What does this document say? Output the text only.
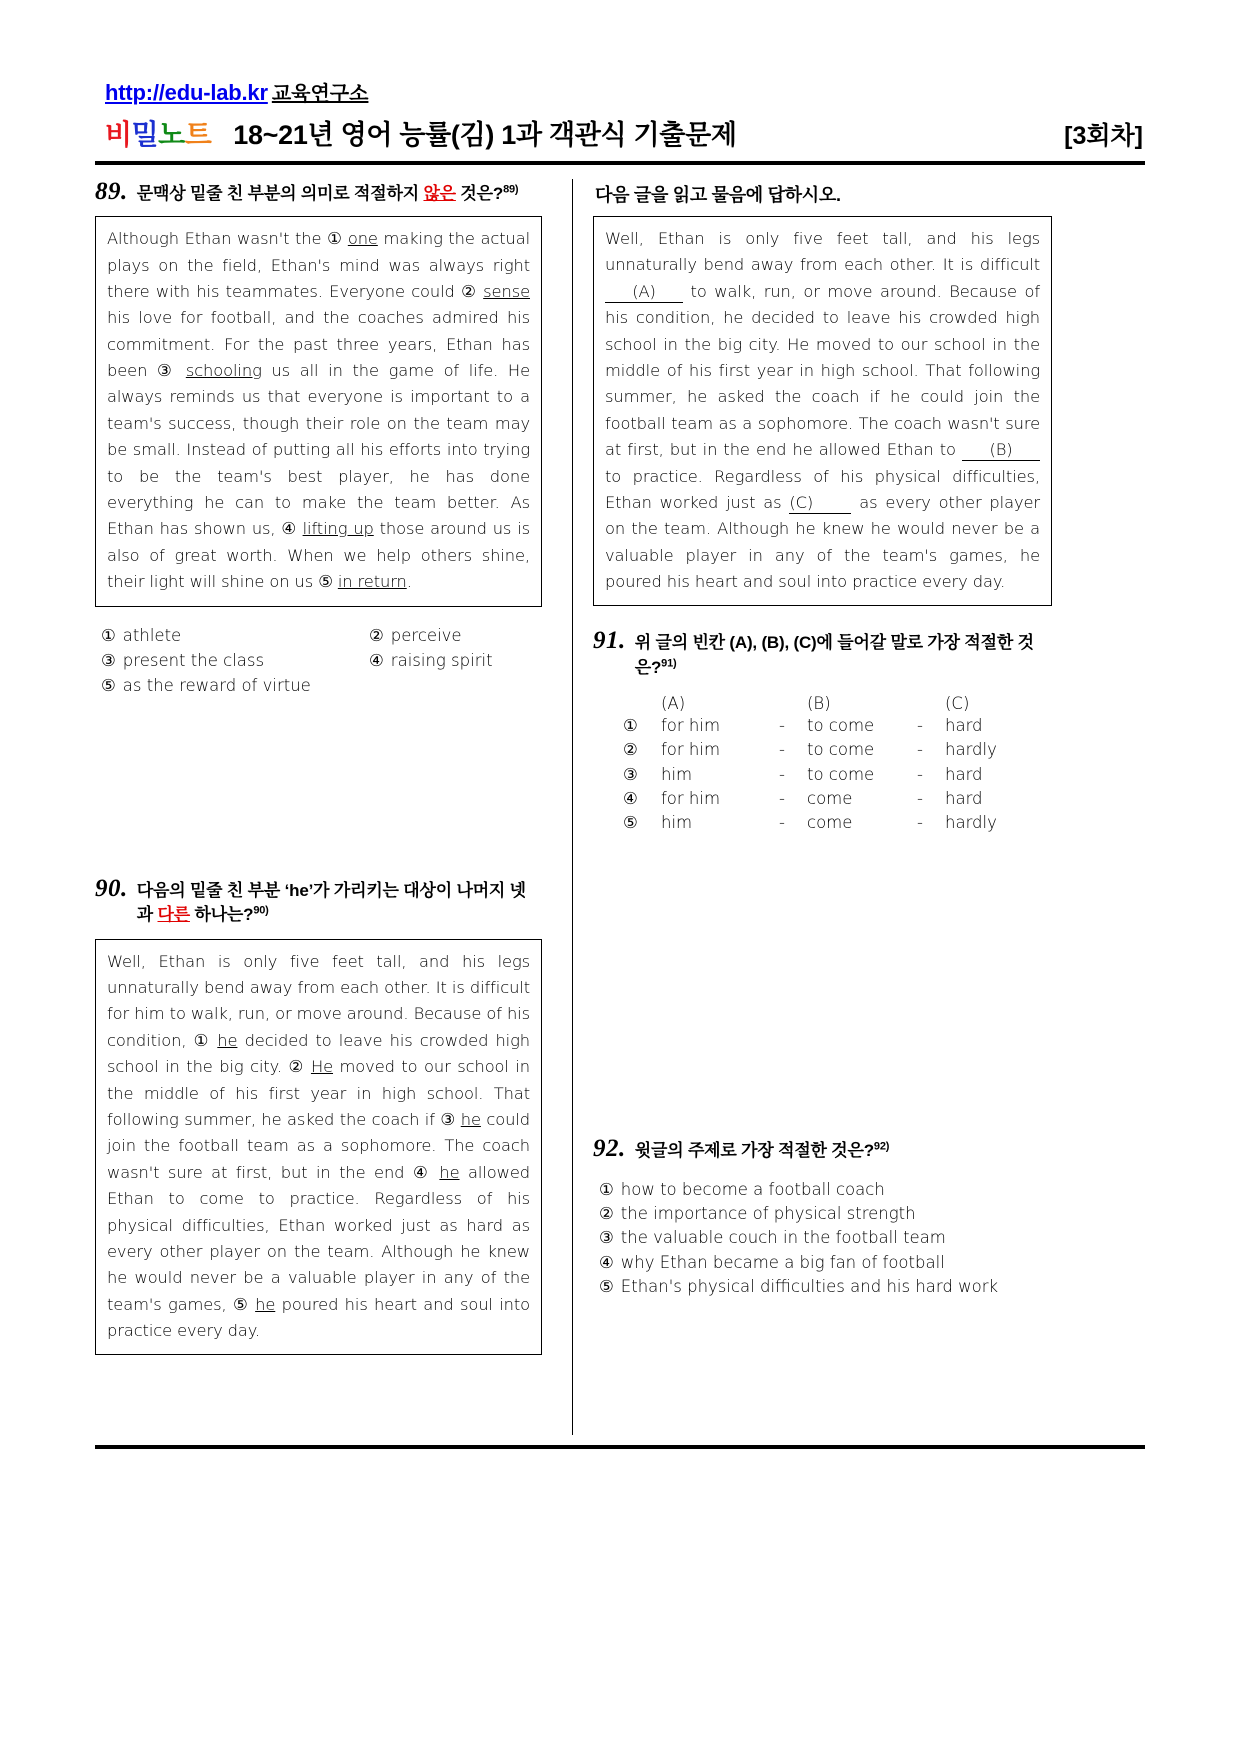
http://edu-lab.kr 교육연구소
비밀노트 18~21년 영어 능률(김) 1과 객관식 기출문제	[3회차]
89. 문맥상 밑줄 친 부분의 의미로 적절하지 않은 것은?$^{89)}$
Although Ethan wasn't the ① one making the actual plays on the field, Ethan's mind was always right there with his teammates. Everyone could ② sense his love for football, and the coaches admired his commitment. For the past three years, Ethan has been ③ schooling us all in the game of life. He always reminds us that everyone is important to a team's success, though their role on the team may be small. Instead of putting all his efforts into trying to be the team's best player, he has done everything he can to make the team better. As Ethan has shown us, ④ lifting up those around us is also of great worth. When we help others shine, their light will shine on us ⑤ in return.
① athlete	② perceive
③ present the class	④ raising spirit
⑤ as the reward of virtue
90. 다음의 밑줄 친 부분 ‘he’가 가리키는 대상이 나머지 넷과 다른 하나는?$^{90)}$
Well, Ethan is only five feet tall, and his legs unnaturally bend away from each other. It is difficult for him to walk, run, or move around. Because of his condition, ① he decided to leave his crowded high school in the big city. ② He moved to our school in the middle of his first year in high school. That following summer, he asked the coach if ③ he could join the football team as a sophomore. The coach wasn't sure at first, but in the end ④ he allowed Ethan to come to practice. Regardless of his physical difficulties, Ethan worked just as hard as every other player on the team. Although he knew he would never be a valuable player in any of the team's games, ⑤ he poured his heart and soul into practice every day.
다음 글을 읽고 물음에 답하시오.
Well, Ethan is only five feet tall, and his legs unnaturally bend away from each other. It is difficult (A) to walk, run, or move around. Because of his condition, he decided to leave his crowded high school in the big city. He moved to our school in the middle of his first year in high school. That following summer, he asked the coach if he could join the football team as a sophomore. The coach wasn't sure at first, but in the end he allowed Ethan to (B) to practice. Regardless of his physical difficulties, Ethan worked just as (C) as every other player on the team. Although he knew he would never be a valuable player in any of the team's games, he poured his heart and soul into practice every day.
91. 위 글의 빈칸 (A), (B), (C)에 들어갈 말로 가장 적절한 것은?$^{91)}$
(A)	(B)	(C)
①	for him	-	to come	-	hard
②	for him	-	to come	-	hardly
③	him	-	to come	-	hard
④	for him	-	come	-	hard
⑤	him	-	come	-	hardly
92. 윗글의 주제로 가장 적절한 것은?$^{92)}$
① how to become a football coach
② the importance of physical strength
③ the valuable couch in the football team
④ why Ethan became a big fan of football
⑤ Ethan's physical difficulties and his hard work
